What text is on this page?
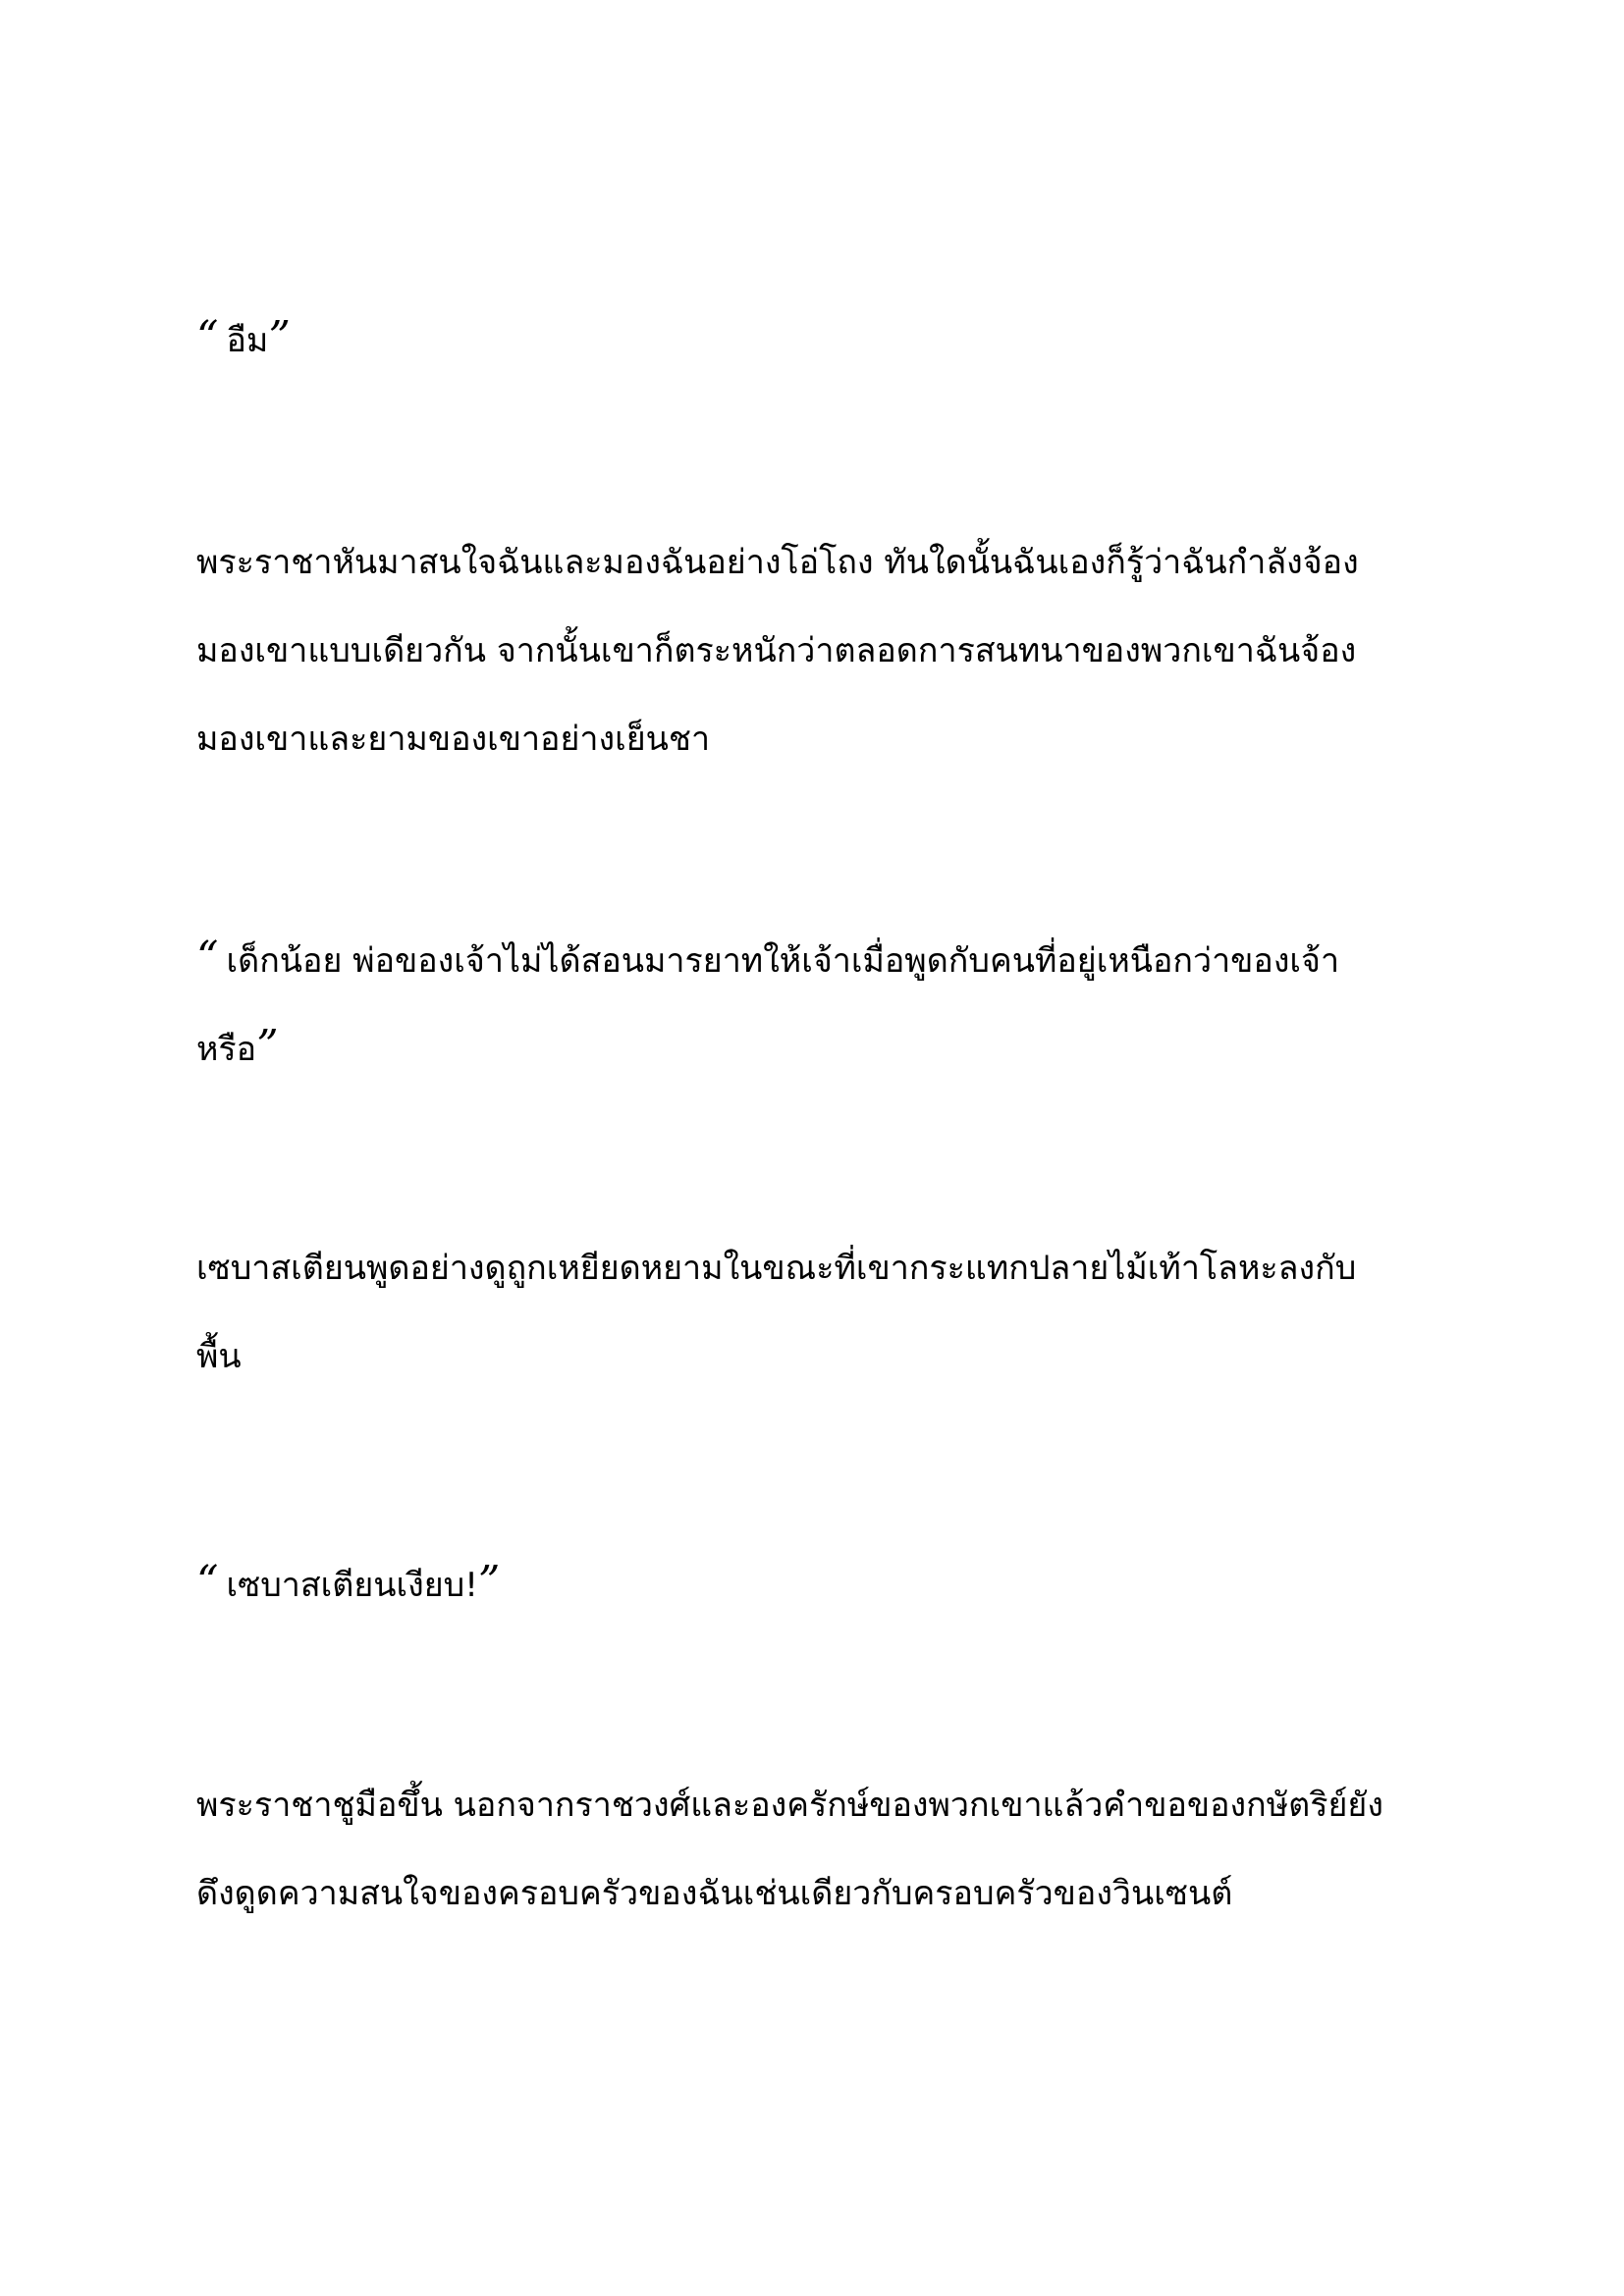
“ อืม”
พระราชาหันมาสนใจฉันและมองฉันอย่างโอ่โถง ทันใดนั้นฉันเองก็รู้ว่าฉันกำลังจ้อง
มองเขาแบบเดียวกัน จากนั้นเขาก็ตระหนักว่าตลอดการสนทนาของพวกเขาฉันจ้อง
มองเขาและยามของเขาอย่างเย็นชา
“ เด็กน้อย พ่อของเจ้าไม่ได้สอนมารยาทให้เจ้าเมื่อพูดกับคนที่อยู่เหนือกว่าของเจ้า
หรือ”
เซบาสเตียนพูดอย่างดูถูกเหยียดหยามในขณะที่เขากระแทกปลายไม้เท้าโลหะลงกับ
พื้น
“ เซบาสเตียนเงียบ!”
พระราชาชูมือขึ้น นอกจากราชวงศ์และองครักษ์ของพวกเขาแล้วคำขอของกษัตริย์ยัง
ดึงดูดความสนใจของครอบครัวของฉันเช่นเดียวกับครอบครัวของวินเซนต์
